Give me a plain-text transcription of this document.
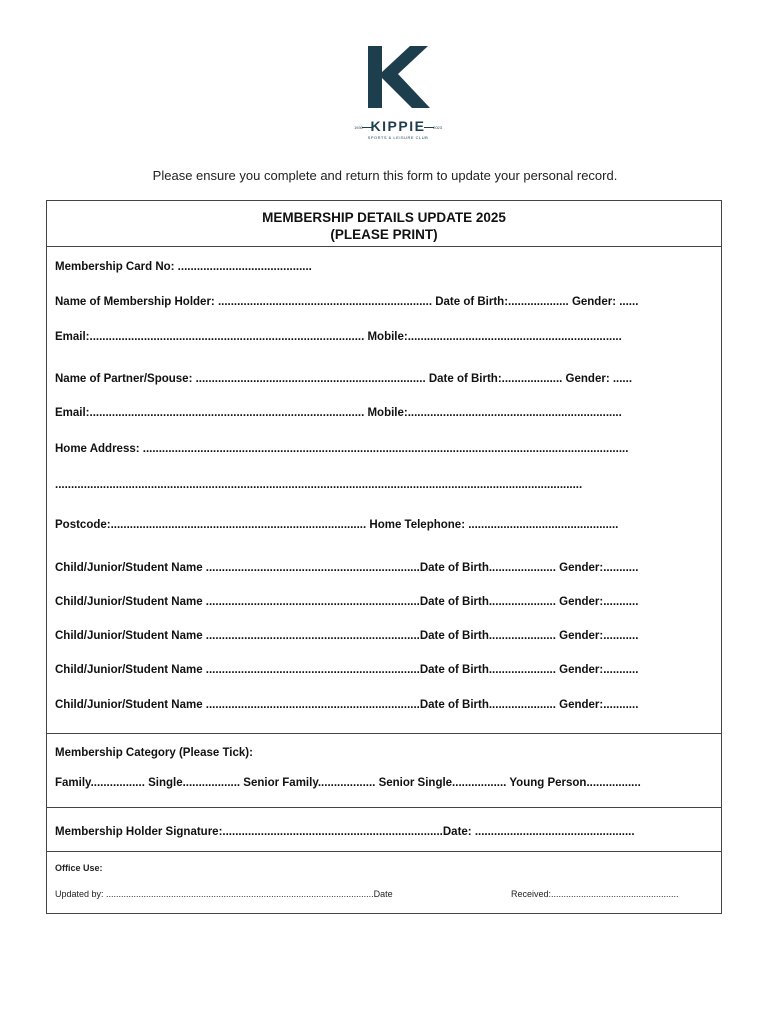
1930 KIPPIE	2023
SPORTS & LEISURE CLUB
Please ensure you complete and return this form to update your personal record.
MEMBERSHIP DETAILS UPDATE 2025
(PLEASE PRINT)
Membership Card No: ..........................................
Name of Membership Holder: ................................................................... Date of Birth:................... Gender: ......
Email:...................................................................................... Mobile:...................................................................
Name of Partner/Spouse: ........................................................................ Date of Birth:................... Gender: ......
Email:...................................................................................... Mobile:...................................................................
Home Address: ........................................................................................................................................................
.....................................................................................................................................................................
Postcode:................................................................................ Home Telephone: ...............................................
Child/Junior/Student Name ...................................................................Date of Birth..................... Gender:...........
Child/Junior/Student Name ...................................................................Date of Birth..................... Gender:...........
Child/Junior/Student Name ...................................................................Date of Birth..................... Gender:...........
Child/Junior/Student Name ...................................................................Date of Birth..................... Gender:...........
Child/Junior/Student Name ...................................................................Date of Birth..................... Gender:...........
Membership Category (Please Tick):
Family................. Single.................. Senior Family.................. Senior Single................. Young Person.................
Membership Holder Signature:.....................................................................Date: ..................................................
Office Use:
Updated by: ...........................................................................................................Date	Received:...................................................
